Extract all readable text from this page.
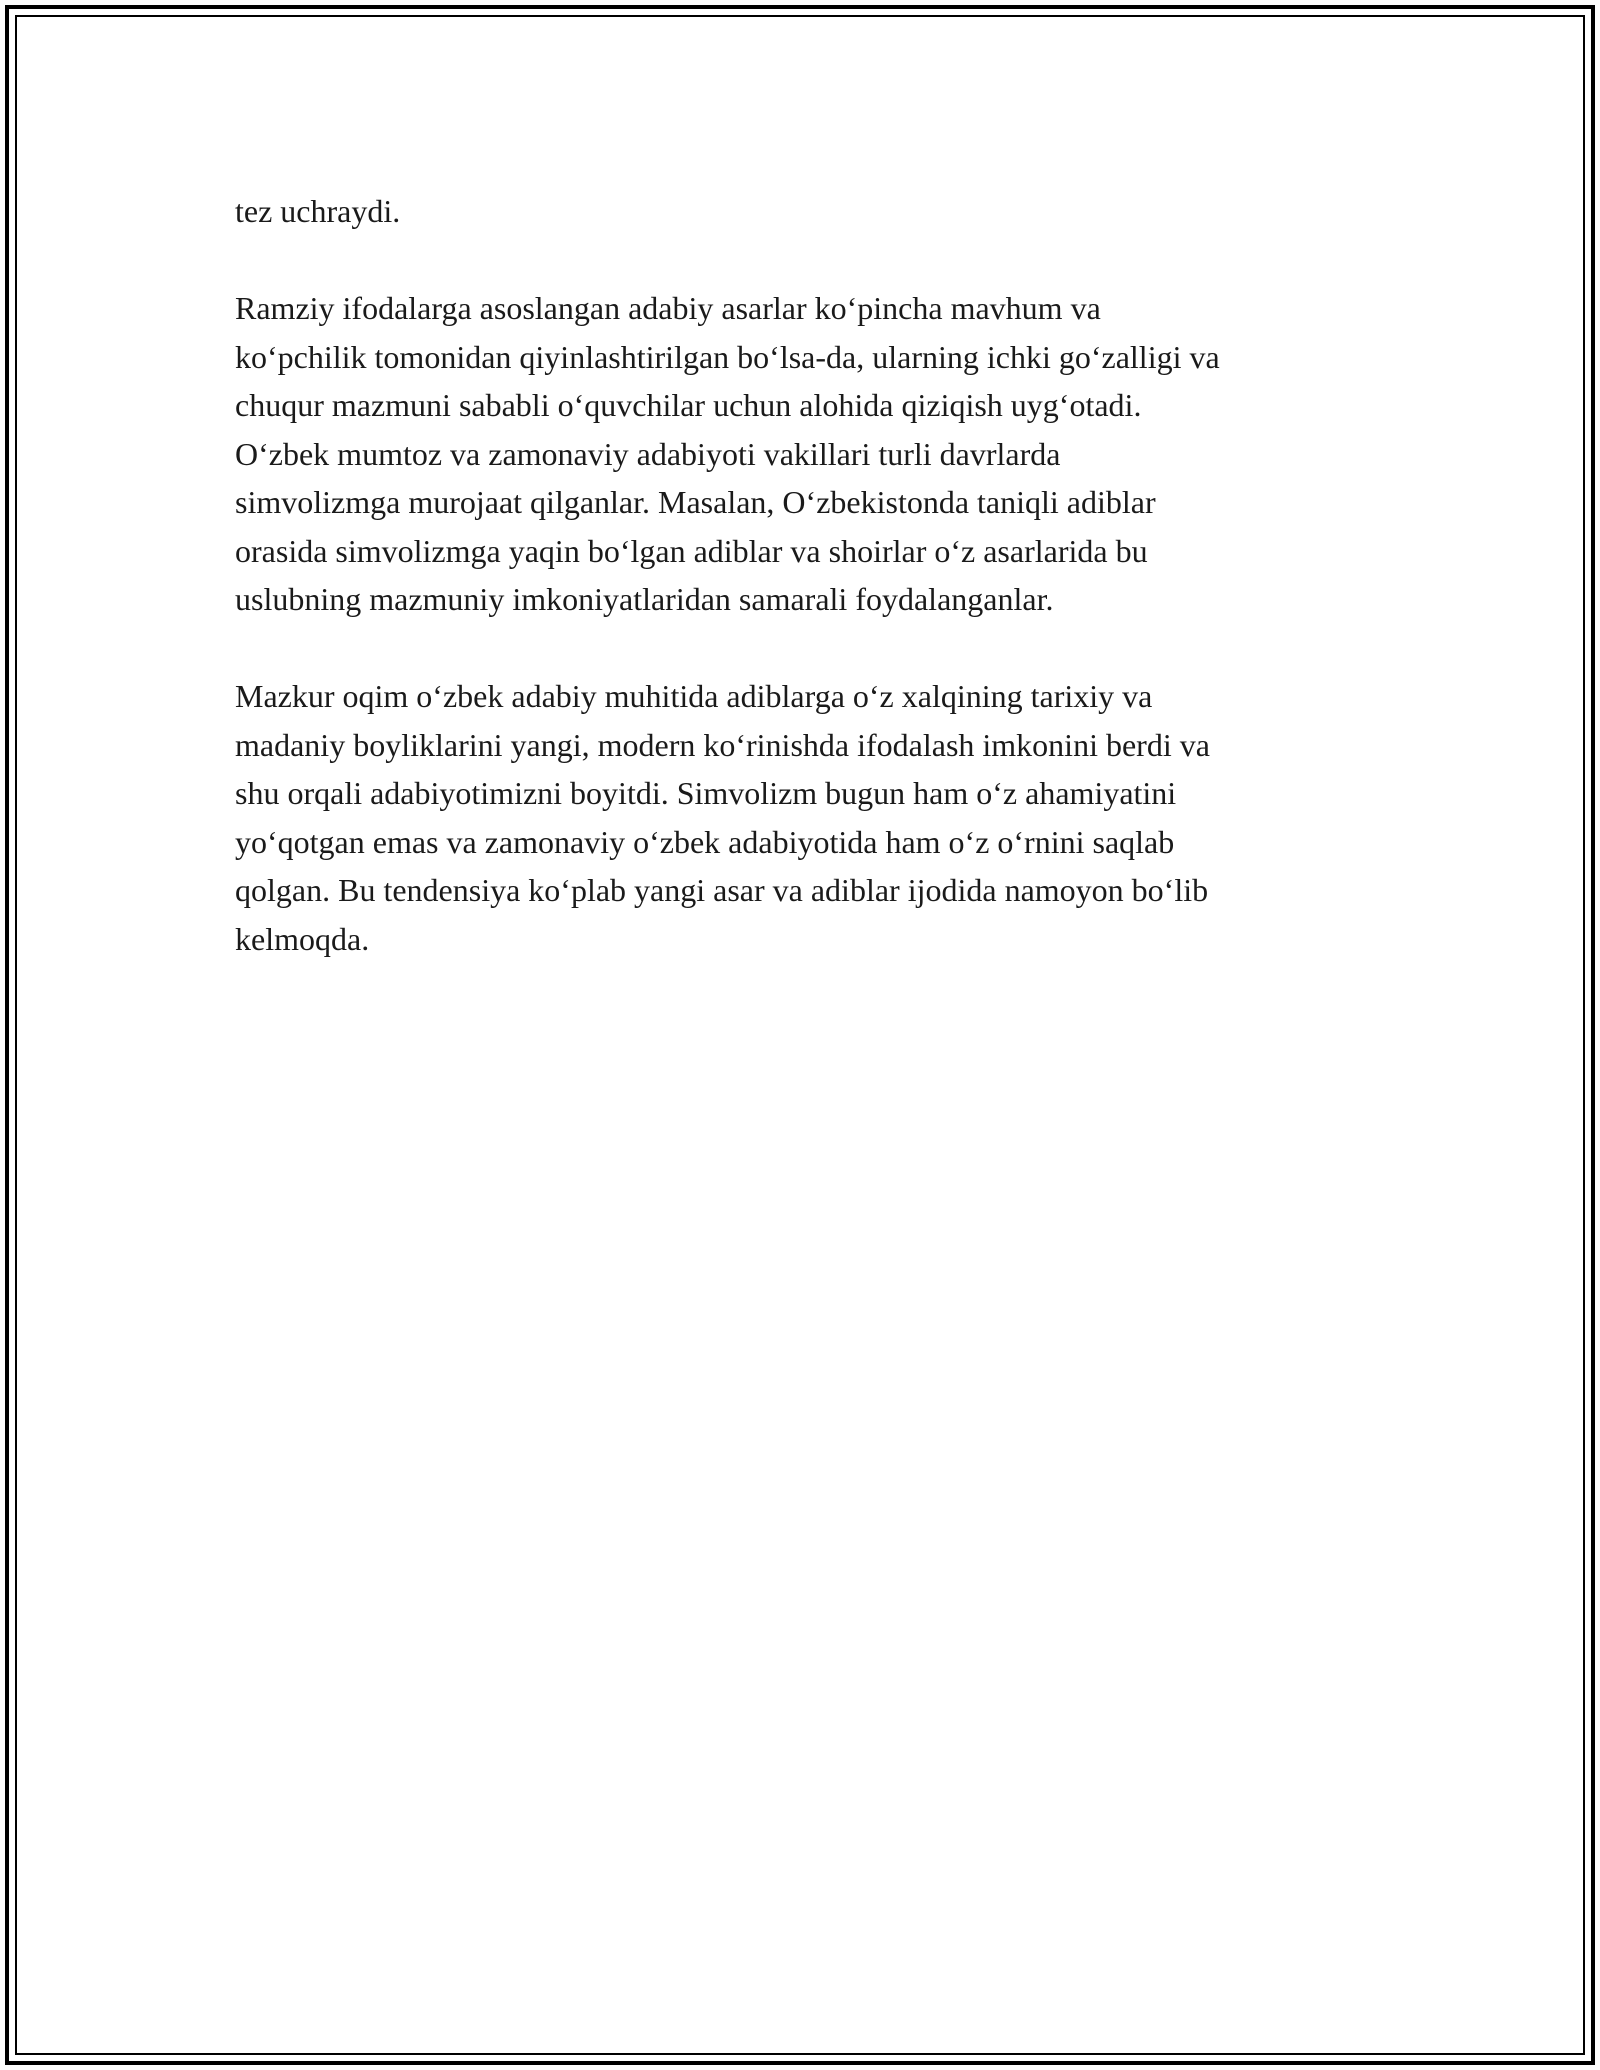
tez uchraydi.

Ramziy ifodalarga asoslangan adabiy asarlar ko‘pincha mavhum va
ko‘pchilik tomonidan qiyinlashtirilgan bo‘lsa-da, ularning ichki go‘zalligi va
chuqur mazmuni sababli o‘quvchilar uchun alohida qiziqish uyg‘otadi.
O‘zbek mumtoz va zamonaviy adabiyoti vakillari turli davrlarda
simvolizmga murojaat qilganlar. Masalan, O‘zbekistonda taniqli adiblar
orasida simvolizmga yaqin bo‘lgan adiblar va shoirlar o‘z asarlarida bu
uslubning mazmuniy imkoniyatlaridan samarali foydalanganlar.

Mazkur oqim o‘zbek adabiy muhitida adiblarga o‘z xalqining tarixiy va
madaniy boyliklarini yangi, modern ko‘rinishda ifodalash imkonini berdi va
shu orqali adabiyotimizni boyitdi. Simvolizm bugun ham o‘z ahamiyatini
yo‘qotgan emas va zamonaviy o‘zbek adabiyotida ham o‘z o‘rnini saqlab
qolgan. Bu tendensiya ko‘plab yangi asar va adiblar ijodida namoyon bo‘lib
kelmoqda.
